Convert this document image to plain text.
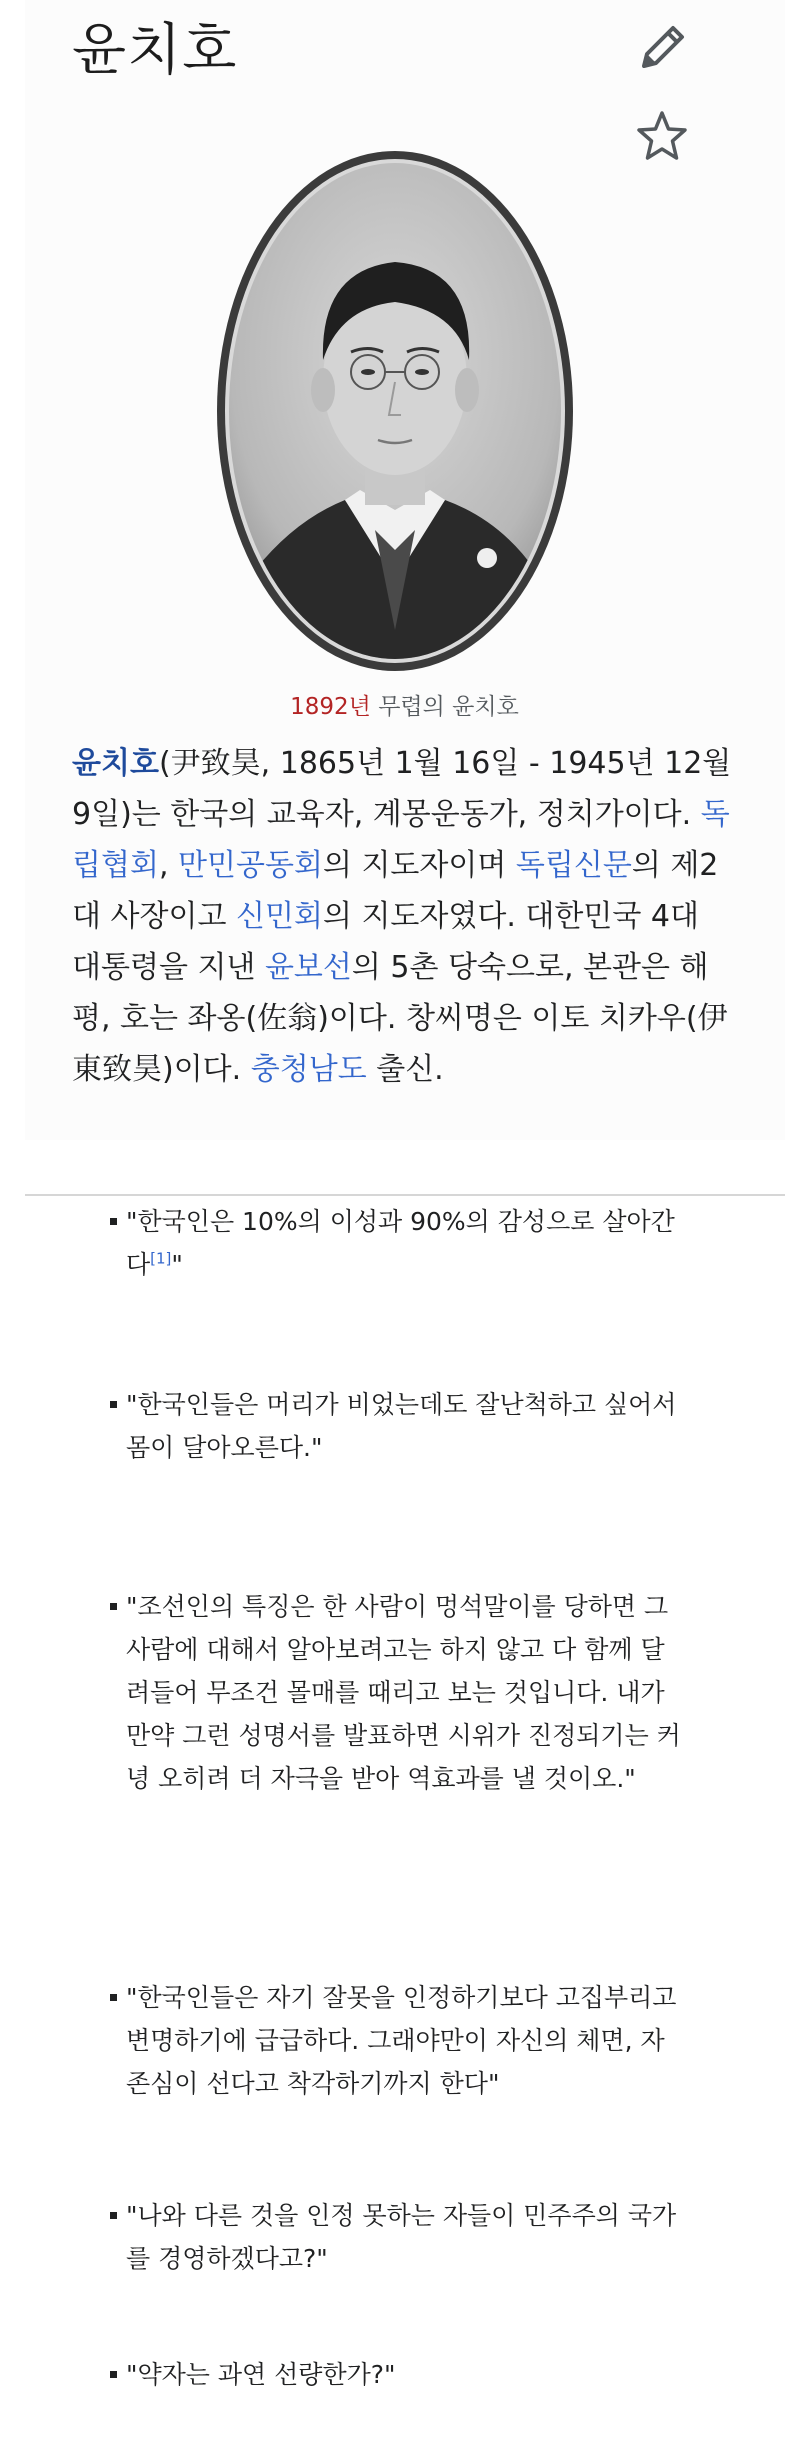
윤치호
1892년 무렵의 윤치호
윤치호(尹致昊, 1865년 1월 16일 - 1945년 12월 9일)는 한국의 교육자, 계몽운동가, 정치가이다. 독립협회, 만민공동회의 지도자이며 독립신문의 제2대 사장이고 신민회의 지도자였다. 대한민국 4대 대통령을 지낸 윤보선의 5촌 당숙으로, 본관은 해평, 호는 좌옹(佐翁)이다. 창씨명은 이토 치카우(伊東致昊)이다. 충청남도 출신.
"한국인은 10%의 이성과 90%의 감성으로 살아간다[1]"
"한국인들은 머리가 비었는데도 잘난척하고 싶어서 몸이 달아오른다."
"조선인의 특징은 한 사람이 멍석말이를 당하면 그 사람에 대해서 알아보려고는 하지 않고 다 함께 달려들어 무조건 몰매를 때리고 보는 것입니다. 내가 만약 그런 성명서를 발표하면 시위가 진정되기는 커녕 오히려 더 자극을 받아 역효과를 낼 것이오."
"한국인들은 자기 잘못을 인정하기보다 고집부리고 변명하기에 급급하다. 그래야만이 자신의 체면, 자존심이 선다고 착각하기까지 한다"
"나와 다른 것을 인정 못하는 자들이 민주주의 국가를 경영하겠다고?"
"약자는 과연 선량한가?"
